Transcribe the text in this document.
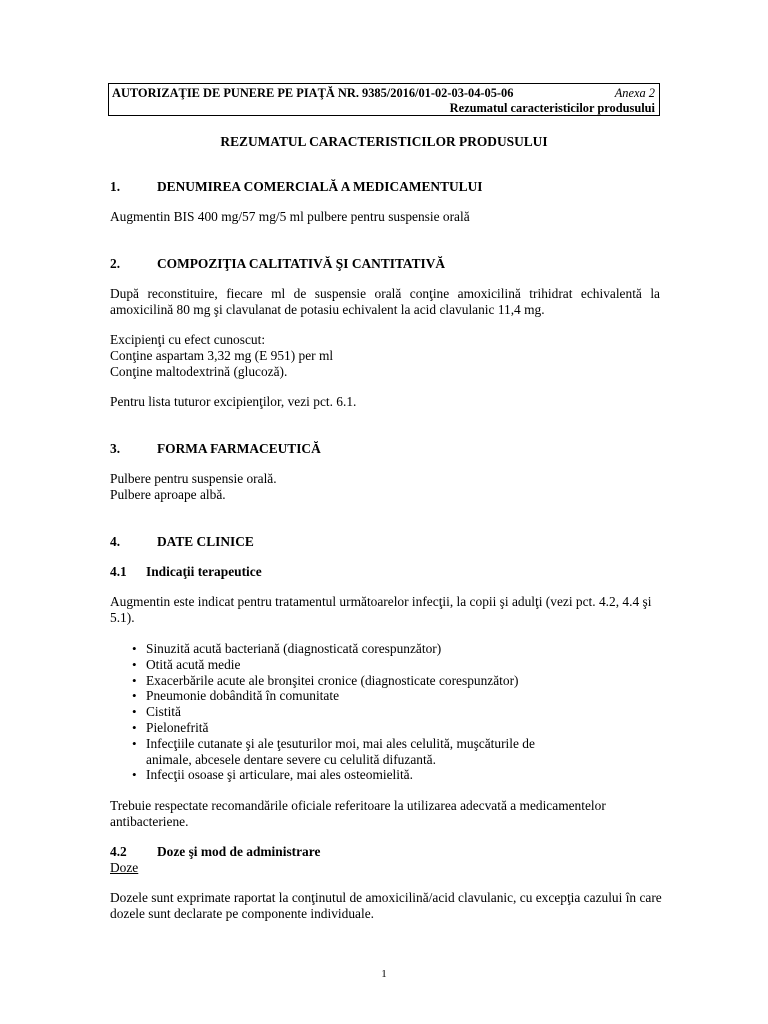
AUTORIZAŢIE DE PUNERE PE PIAŢĂ NR. 9385/2016/01-02-03-04-05-06	Anexa 2
Rezumatul caracteristicilor produsului
REZUMATUL CARACTERISTICILOR PRODUSULUI
1.	DENUMIREA COMERCIALĂ A MEDICAMENTULUI
Augmentin BIS 400 mg/57 mg/5 ml pulbere pentru suspensie orală
2.	COMPOZIŢIA CALITATIVĂ ŞI CANTITATIVĂ
După reconstituire, fiecare ml de suspensie orală conţine amoxicilină trihidrat echivalentă la amoxicilină 80 mg şi clavulanat de potasiu echivalent la acid clavulanic 11,4 mg.
Excipienţi cu efect cunoscut:
Conţine aspartam 3,32 mg (E 951) per ml
Conţine maltodextrină (glucoză).
Pentru lista tuturor excipienţilor, vezi pct. 6.1.
3.	FORMA FARMACEUTICĂ
Pulbere pentru suspensie orală.
Pulbere aproape albă.
4.	DATE CLINICE
4.1 Indicaţii terapeutice
Augmentin este indicat pentru tratamentul următoarelor infecţii, la copii şi adulţi (vezi pct. 4.2, 4.4 şi 5.1).
• Sinuzită acută bacteriană (diagnosticată corespunzător)
• Otită acută medie
• Exacerbările acute ale bronşitei cronice (diagnosticate corespunzător)
• Pneumonie dobândită în comunitate
• Cistită
• Pielonefrită
• Infecţiile cutanate şi ale ţesuturilor moi, mai ales celulită, muşcăturile de animale, abcesele dentare severe cu celulită difuzantă.
• Infecţii osoase şi articulare, mai ales osteomielită.
Trebuie respectate recomandările oficiale referitoare la utilizarea adecvată a medicamentelor antibacteriene.
4.2 Doze şi mod de administrare
Doze
Dozele sunt exprimate raportat la conţinutul de amoxicilină/acid clavulanic, cu excepţia cazului în care dozele sunt declarate pe componente individuale.
1
